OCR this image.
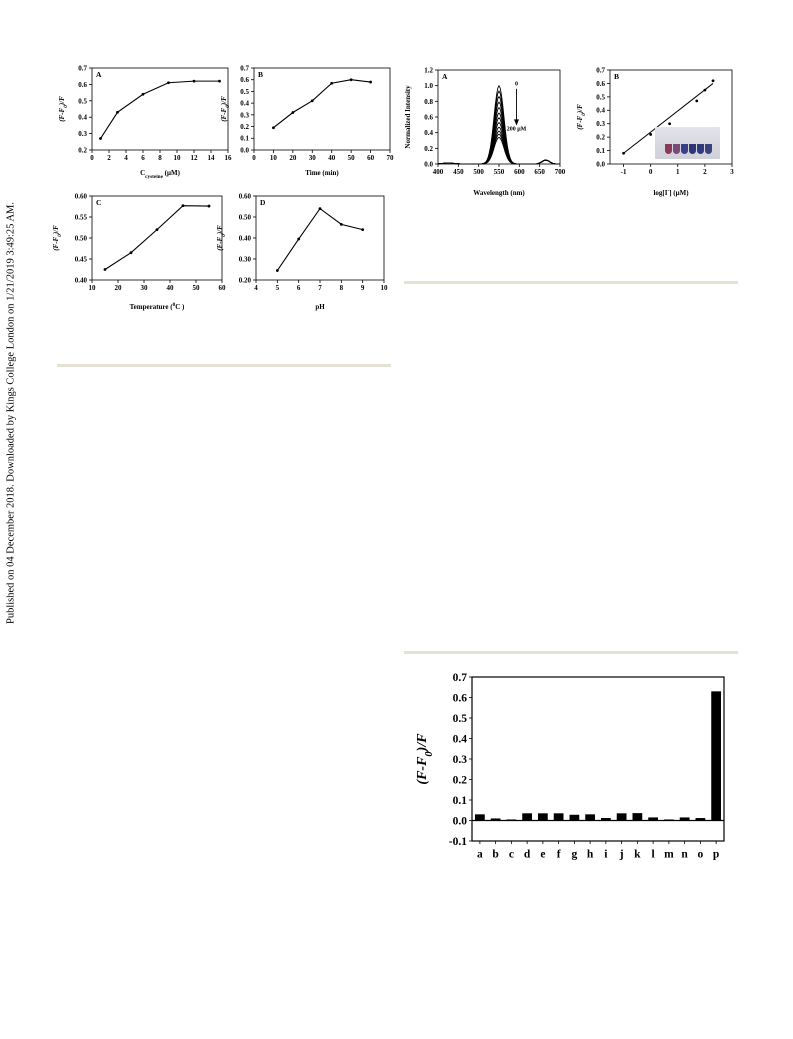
Published on 04 December 2018. Downloaded by Kings College London on 1/21/2019 3:49:25 AM.
0.2
0.3
0.4
0.5
0.6
0.7
0 2 4 6 8 10 12 14 16
$C_{cysteine}$ (μM)
$(F-F_0)/F$
A
0.0
0.1
0.2
0.3
0.4
0.5
0.6
0.7
0 10 20 30 40 50 60 70
Time (min)
$(F-F_0)/F$
B
0.40
0.45
0.50
0.55
0.60
10	20	30	40	50	60
Temperature ($^0$C )
$(F-F_0)/F$
C
0.20
0.30
0.40
0.50
0.60
4	5	6	7	8	9 10
pH
$(F-F_0)/F$
D
0.0
0.2
0.4
0.6
0.8
1.0
1.2
400 450 500 550 600 650 700
Wavelength (nm)
Normalized Intensity
A
0
200 μM
0.0
0.1
0.2
0.3
0.4
0.5
0.6
0.7
-1	0	1	2	3
log[I-] (μM)
$(F-F_0)/F$
B
-0.1
0.0
0.1
0.2
0.3
0.4
0.5
0.6
0.7
a b c d e f g h i j k l m n o p
$(F-F_0)/F$
